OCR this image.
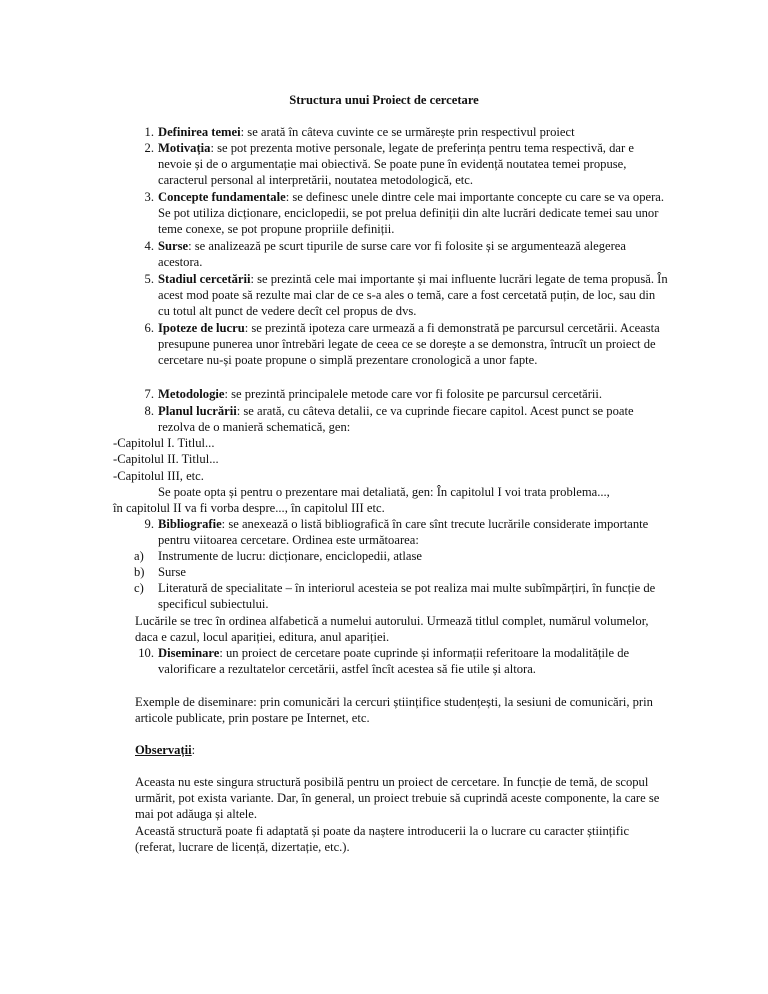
Structura unui Proiect de cercetare
1. Definirea temei: se arată în câteva cuvinte ce se urmărește prin respectivul proiect
2. Motivația: se pot prezenta motive personale, legate de preferința pentru tema respectivă, dar e nevoie și de o argumentație mai obiectivă. Se poate pune în evidență noutatea temei propuse, caracterul personal al interpretării, noutatea metodologică, etc.
3. Concepte fundamentale: se definesc unele dintre cele mai importante concepte cu care se va opera. Se pot utiliza dicționare, enciclopedii, se pot prelua definiții din alte lucrări dedicate temei sau unor teme conexe, se pot propune propriile definiții.
4. Surse: se analizează pe scurt tipurile de surse care vor fi folosite și se argumentează alegerea acestora.
5. Stadiul cercetării: se prezintă cele mai importante și mai influente lucrări legate de tema propusă. În acest mod poate să rezulte mai clar de ce s-a ales o temă, care a fost cercetată puțin, de loc, sau din cu totul alt punct de vedere decît cel propus de dvs.
6. Ipoteze de lucru: se prezintă ipoteza care urmează a fi demonstrată pe parcursul cercetării. Aceasta presupune punerea unor întrebări legate de ceea ce se dorește a se demonstra, întrucît un proiect de cercetare nu-și poate propune o simplă prezentare cronologică a unor fapte.
7. Metodologie: se prezintă principalele metode care vor fi folosite pe parcursul cercetării.
8. Planul lucrării: se arată, cu câteva detalii, ce va cuprinde fiecare capitol. Acest punct se poate rezolva de o manieră schematică, gen:
-Capitolul I. Titlul...
-Capitolul II. Titlul...
-Capitolul III, etc.
Se poate opta și pentru o prezentare mai detaliată, gen: În capitolul I voi trata problema...,
în capitolul II va fi vorba despre..., în capitolul III etc.
9. Bibliografie: se anexează o listă bibliografică în care sînt trecute lucrările considerate importante pentru viitoarea cercetare. Ordinea este următoarea:
a) Instrumente de lucru: dicționare, enciclopedii, atlase
b) Surse
c) Literatură de specialitate – în interiorul acesteia se pot realiza mai multe subîmpărțiri, în funcție de specificul subiectului.
Lucările se trec în ordinea alfabetică a numelui autorului. Urmează titlul complet, numărul volumelor, daca e cazul, locul apariției, editura, anul apariției.
10. Diseminare: un proiect de cercetare poate cuprinde și informații referitoare la modalitățile de valorificare a rezultatelor cercetării, astfel încît acestea să fie utile și altora.
Exemple de diseminare: prin comunicări la cercuri științifice studențești, la sesiuni de comunicări, prin articole publicate, prin postare pe Internet, etc.
Observații:
Aceasta nu este singura structură posibilă pentru un proiect de cercetare. In funcție de temă, de scopul urmărit, pot exista variante. Dar, în general, un proiect trebuie să cuprindă aceste componente, la care se mai pot adăuga și altele.
Această structură poate fi adaptată și poate da naștere introducerii la o lucrare cu caracter științific (referat, lucrare de licență, dizertație, etc.).
